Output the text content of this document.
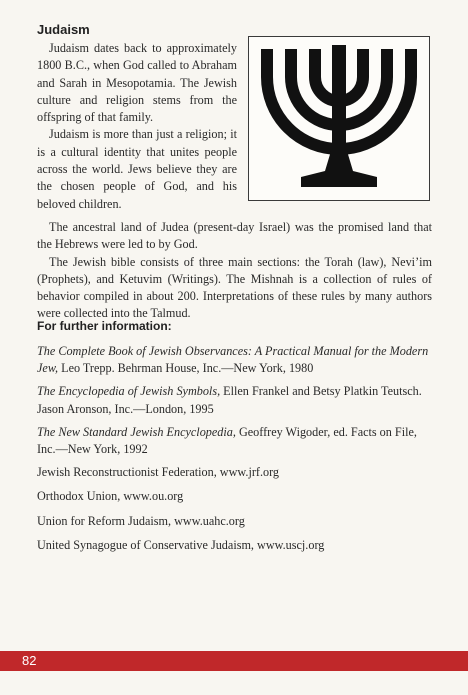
Judaism

Judaism dates back to approximately 1800 B.C., when God called to Abraham and Sarah in Mesopotamia. The Jewish culture and religion stems from the offspring of that family.

Judaism is more than just a religion; it is a cultural identity that unites people across the world. Jews believe they are the chosen people of God, and his beloved children.

The ancestral land of Judea (present-day Israel) was the promised land that the Hebrews were led to by God.

The Jewish bible consists of three main sections: the Torah (law), Nevi’im (Prophets), and Ketuvim (Writings). The Mishnah is a collection of rules of behavior compiled in about 200. Interpretations of these rules by many authors were collected into the Talmud.

For further information:
The Complete Book of Jewish Observances: A Practical Manual for the Modern Jew, Leo Trepp. Behrman House, Inc.—New York, 1980
The Encyclopedia of Jewish Symbols, Ellen Frankel and Betsy Platkin Teutsch. Jason Aronson, Inc.—London, 1995
The New Standard Jewish Encyclopedia, Geoffrey Wigoder, ed. Facts on File, Inc.—New York, 1992
Jewish Reconstructionist Federation, www.jrf.org
Orthodox Union, www.ou.org
Union for Reform Judaism, www.uahc.org
United Synagogue of Conservative Judaism, www.uscj.org
82
